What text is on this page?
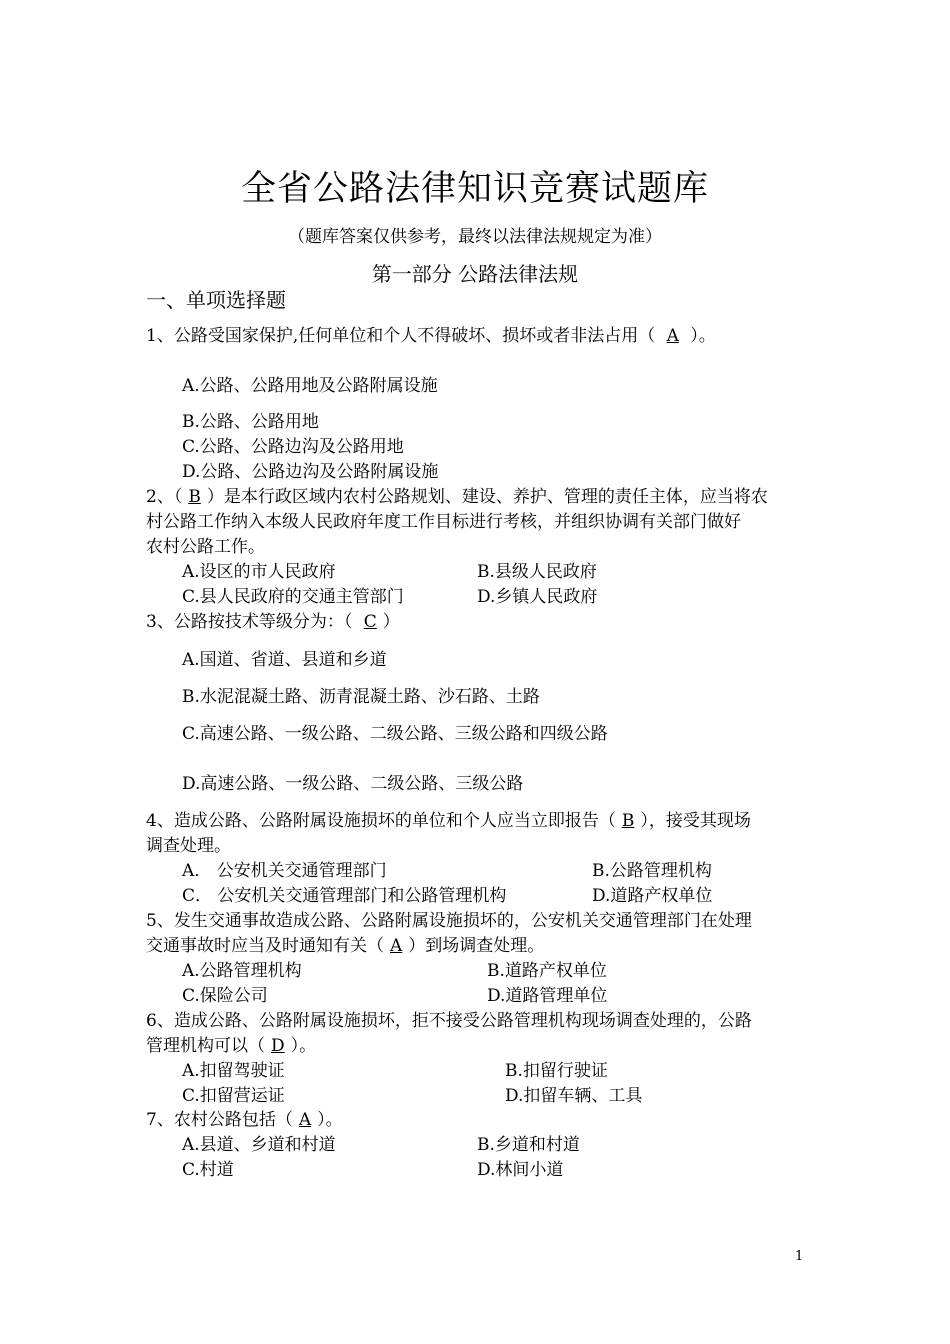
全省公路法律知识竞赛试题库
（题库答案仅供参考，最终以法律法规规定为准）
第一部分 公路法律法规
一、单项选择题
1、公路受国家保护,任何单位和个人不得破坏、损坏或者非法占用（ A ）。
A.公路、公路用地及公路附属设施
B.公路、公路用地
C.公路、公路边沟及公路用地
D.公路、公路边沟及公路附属设施
2、（ B ）是本行政区域内农村公路规划、建设、养护、管理的责任主体，应当将农
村公路工作纳入本级人民政府年度工作目标进行考核，并组织协调有关部门做好
农村公路工作。
A.设区的市人民政府	B.县级人民政府
C.县人民政府的交通主管部门	D.乡镇人民政府
3、公路按技术等级分为：（ C ）
A.国道、省道、县道和乡道
B.水泥混凝土路、沥青混凝土路、沙石路、土路
C.高速公路、一级公路、二级公路、三级公路和四级公路
D.高速公路、一级公路、二级公路、三级公路
4、造成公路、公路附属设施损坏的单位和个人应当立即报告（ B ），接受其现场
调查处理。
A． 公安机关交通管理部门	B.公路管理机构
C． 公安机关交通管理部门和公路管理机构	D.道路产权单位
5、发生交通事故造成公路、公路附属设施损坏的，公安机关交通管理部门在处理
交通事故时应当及时通知有关（ A ）到场调查处理。
A.公路管理机构	B.道路产权单位
C.保险公司	D.道路管理单位
6、造成公路、公路附属设施损坏，拒不接受公路管理机构现场调查处理的，公路
管理机构可以（ D ）。
A.扣留驾驶证	B.扣留行驶证
C.扣留营运证	D.扣留车辆、工具
7、农村公路包括（ A ）。
A.县道、乡道和村道	B.乡道和村道
C.村道	D.林间小道
1
